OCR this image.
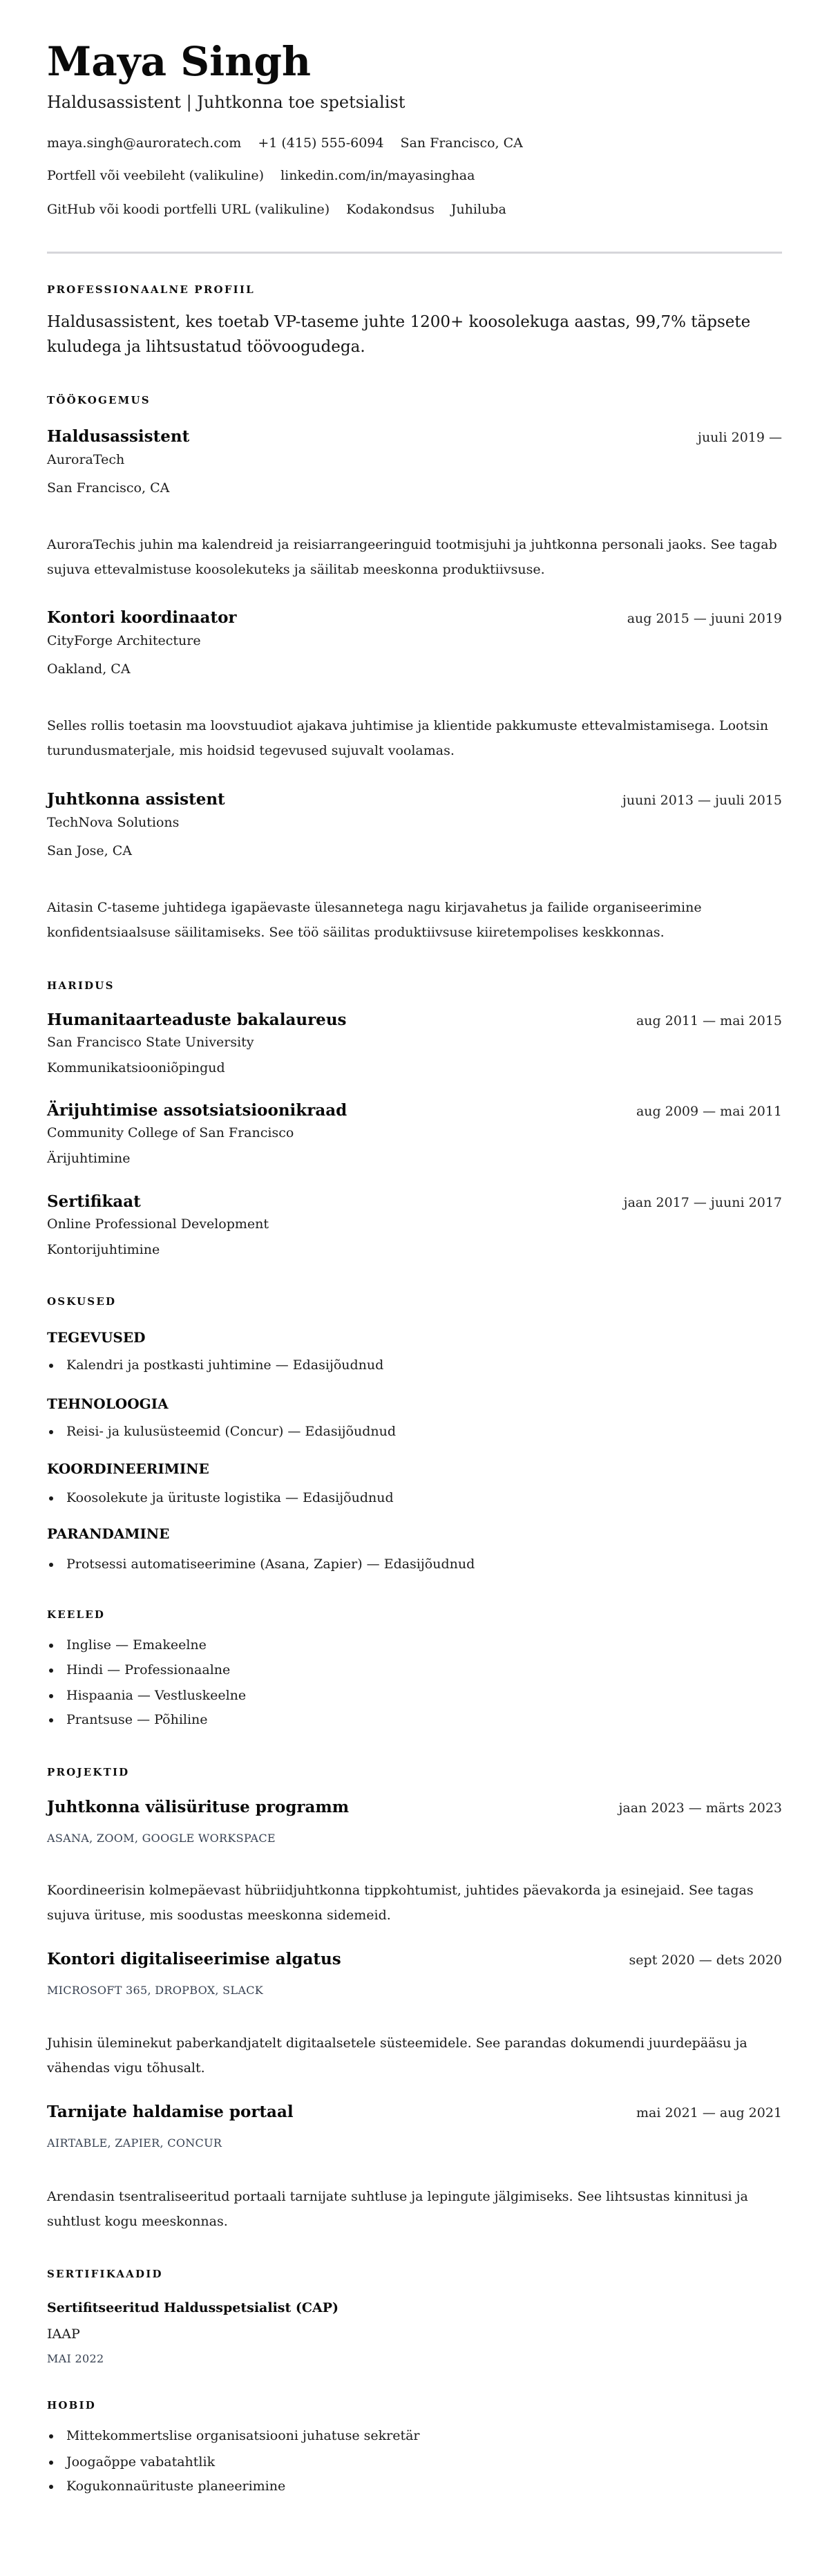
Maya Singh
Haldusassistent | Juhtkonna toe spetsialist
maya.singh@auroratech.com +1 (415) 555-6094 San Francisco, CA
Portfell või veebileht (valikuline) linkedin.com/in/mayasinghaa
GitHub või koodi portfelli URL (valikuline) Kodakondsus Juhiluba
PROFESSIONAALNE PROFIIL
Haldusassistent, kes toetab VP-taseme juhte 1200+ koosolekuga aastas, 99,7% täpsete kuludega ja lihtsustatud töövoogudega.
TÖÖKOGEMUS
Haldusassistent	juuli 2019 —
AuroraTech
San Francisco, CA
AuroraTechis juhin ma kalendreid ja reisiarrangeeringuid tootmisjuhi ja juhtkonna personali jaoks. See tagab sujuva ettevalmistuse koosolekuteks ja säilitab meeskonna produktiivsuse.
Kontori koordinaator	aug 2015 — juuni 2019
CityForge Architecture
Oakland, CA
Selles rollis toetasin ma loovstuudiot ajakava juhtimise ja klientide pakkumuste ettevalmistamisega. Lootsin turundusmaterjale, mis hoidsid tegevused sujuvalt voolamas.
Juhtkonna assistent	juuni 2013 — juuli 2015
TechNova Solutions
San Jose, CA
Aitasin C-taseme juhtidega igapäevaste ülesannetega nagu kirjavahetus ja failide organiseerimine konfidentsiaalsuse säilitamiseks. See töö säilitas produktiivsuse kiiretempolises keskkonnas.
HARIDUS
Humanitaarteaduste bakalaureus	aug 2011 — mai 2015
San Francisco State University
Kommunikatsiooniõpingud
Ärijuhtimise assotsiatsioonikraad	aug 2009 — mai 2011
Community College of San Francisco
Ärijuhtimine
Sertifikaat	jaan 2017 — juuni 2017
Online Professional Development
Kontorijuhtimine
OSKUSED
TEGEVUSED
Kalendri ja postkasti juhtimine — Edasijõudnud
TEHNOLOOGIA
Reisi- ja kulusüsteemid (Concur) — Edasijõudnud
KOORDINEERIMINE
Koosolekute ja ürituste logistika — Edasijõudnud
PARANDAMINE
Protsessi automatiseerimine (Asana, Zapier) — Edasijõudnud
KEELED
Inglise — Emakeelne
Hindi — Professionaalne
Hispaania — Vestluskeelne
Prantsuse — Põhiline
PROJEKTID
Juhtkonna välisürituse programm	jaan 2023 — märts 2023
ASANA, ZOOM, GOOGLE WORKSPACE
Koordineerisin kolmepäevast hübriidjuhtkonna tippkohtumist, juhtides päevakorda ja esinejaid. See tagas sujuva ürituse, mis soodustas meeskonna sidemeid.
Kontori digitaliseerimise algatus	sept 2020 — dets 2020
MICROSOFT 365, DROPBOX, SLACK
Juhisin üleminekut paberkandjatelt digitaalsetele süsteemidele. See parandas dokumendi juurdepääsu ja vähendas vigu tõhusalt.
Tarnijate haldamise portaal	mai 2021 — aug 2021
AIRTABLE, ZAPIER, CONCUR
Arendasin tsentraliseeritud portaali tarnijate suhtluse ja lepingute jälgimiseks. See lihtsustas kinnitusi ja suhtlust kogu meeskonnas.
SERTIFIKAADID
Sertifitseeritud Haldusspetsialist (CAP)
IAAP
MAI 2022
HOBID
Mittekommertslise organisatsiooni juhatuse sekretär
Joogaõppe vabatahtlik
Kogukonnaürituste planeerimine
